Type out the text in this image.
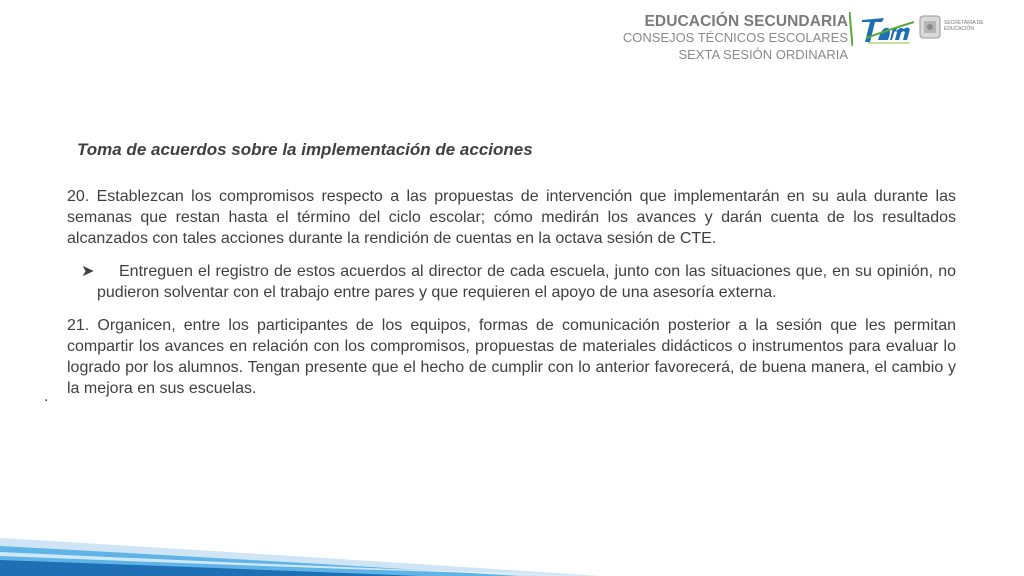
EDUCACIÓN SECUNDARIA
CONSEJOS TÉCNICOS ESCOLARES
SEXTA SESIÓN ORDINARIA
SECRETARÍA DE EDUCACIÓN
Toma de acuerdos sobre la implementación de acciones

20. Establezcan los compromisos respecto a las propuestas de intervención que implementarán en su aula durante las semanas que restan hasta el término del ciclo escolar; cómo medirán los avances y darán cuenta de los resultados alcanzados con tales acciones durante la rendición de cuentas en la octava sesión de CTE.

➤	Entreguen el registro de estos acuerdos al director de cada escuela, junto con las situaciones que, en su opinión, no pudieron solventar con el trabajo entre pares y que requieren el apoyo de una asesoría externa.

21. Organicen, entre los participantes de los equipos, formas de comunicación posterior a la sesión que les permitan compartir los avances en relación con los compromisos, propuestas de materiales didácticos o instrumentos para evaluar lo logrado por los alumnos. Tengan presente que el hecho de cumplir con lo anterior favorecerá, de buena manera, el cambio y la mejora en sus escuelas.

.
